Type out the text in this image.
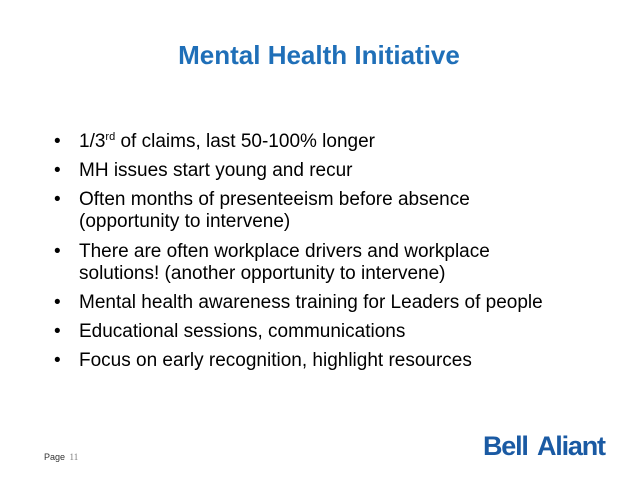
Mental Health Initiative
• 1/3rd of claims, last 50-100% longer
• MH issues start young and recur
• Often months of presenteeism before absence (opportunity to intervene)
• There are often workplace drivers and workplace solutions! (another opportunity to intervene)
• Mental health awareness training for Leaders of people
• Educational sessions, communications
• Focus on early recognition, highlight resources
Page 11	Bell Aliant
